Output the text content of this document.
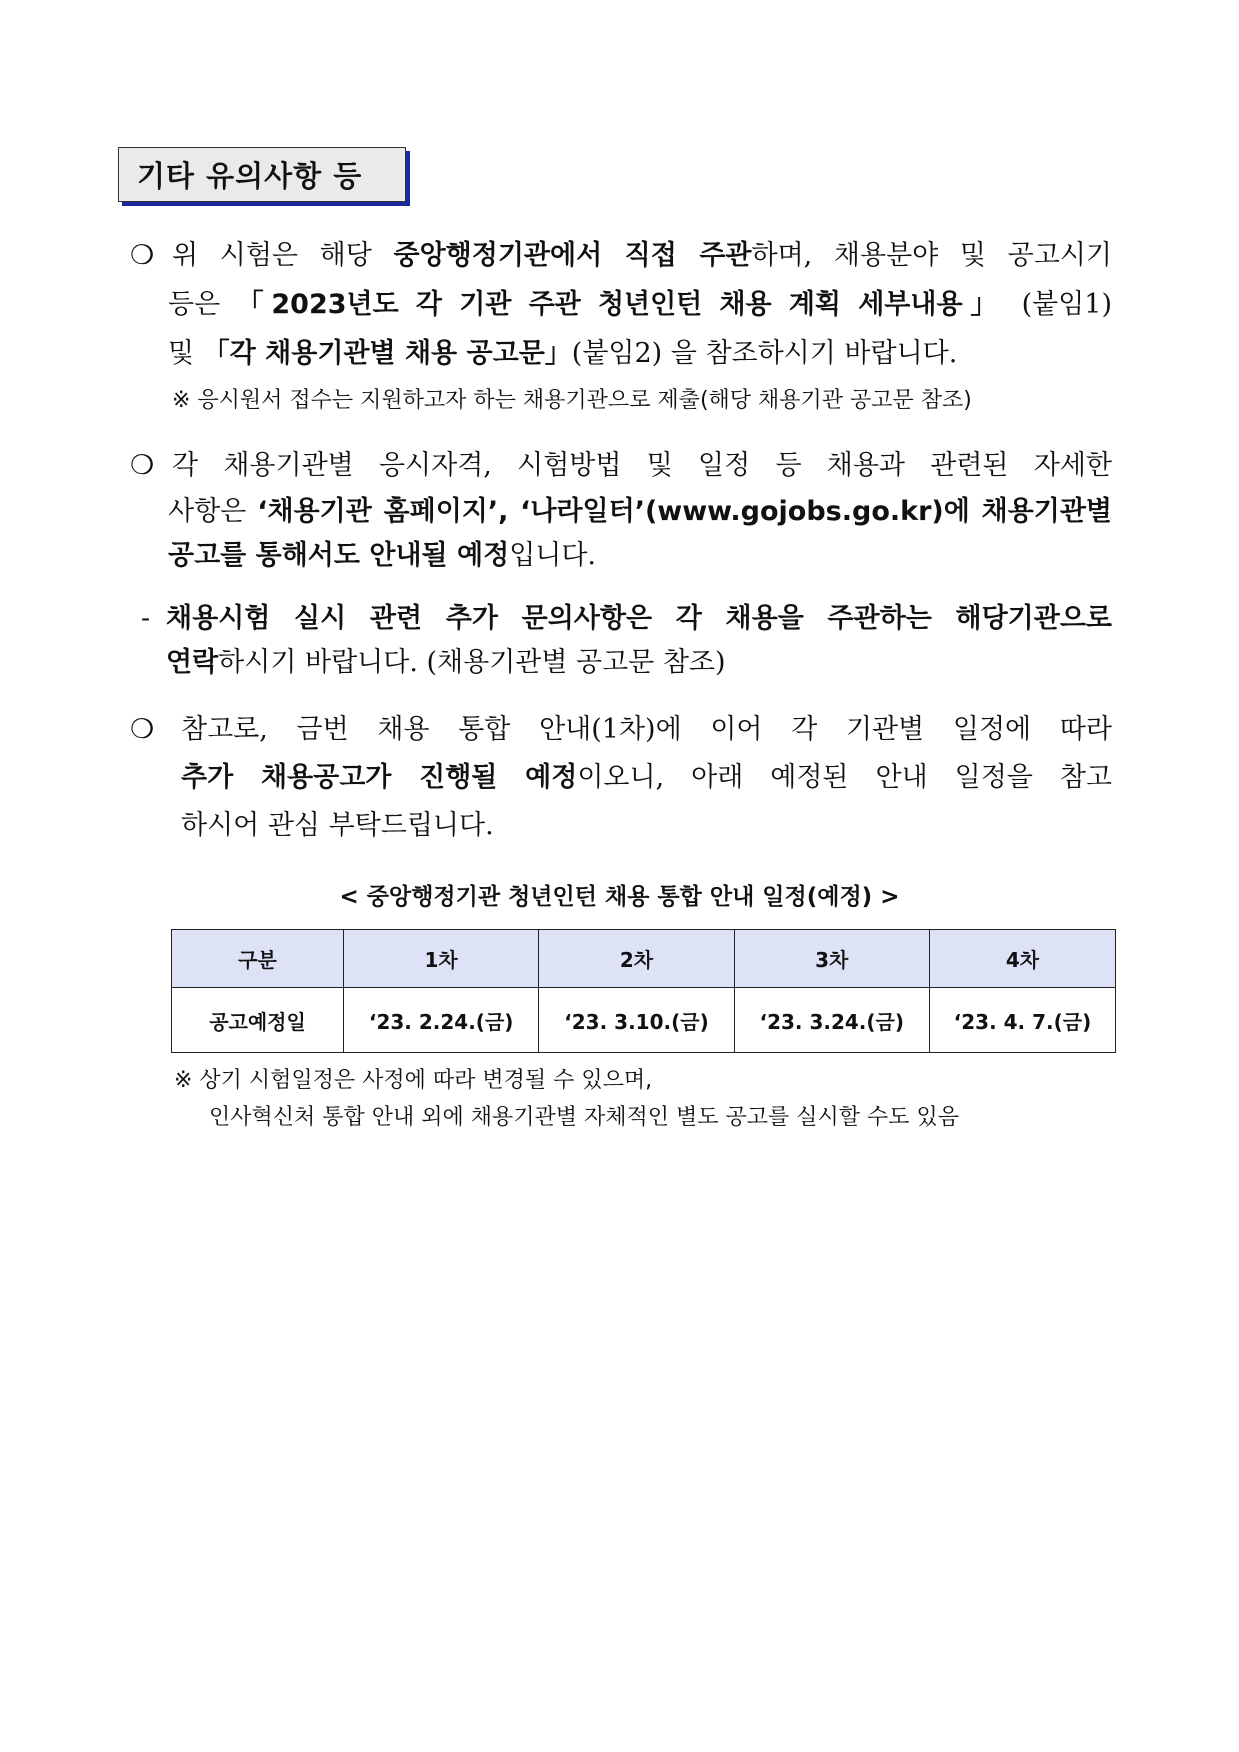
기타 유의사항 등
❍ 위 시험은 해당 중앙행정기관에서 직접 주관하며, 채용분야 및 공고시기
등은 「2023년도 각 기관 주관 청년인턴 채용 계획 세부내용」 (붙임1)
및 「각 채용기관별 채용 공고문」(붙임2) 을 참조하시기 바랍니다.
※ 응시원서 접수는 지원하고자 하는 채용기관으로 제출(해당 채용기관 공고문 참조)
❍ 각 채용기관별 응시자격, 시험방법 및 일정 등 채용과 관련된 자세한
사항은 ‘채용기관 홈페이지’, ‘나라일터’(www.gojobs.go.kr)에 채용기관별
공고를 통해서도 안내될 예정입니다.
- 채용시험 실시 관련 추가 문의사항은 각 채용을 주관하는 해당기관으로
연락하시기 바랍니다. (채용기관별 공고문 참조)
❍ 참고로, 금번 채용 통합 안내(1차)에 이어 각 기관별 일정에 따라
추가 채용공고가 진행될 예정이오니, 아래 예정된 안내 일정을 참고
하시어 관심 부탁드립니다.
< 중앙행정기관 청년인턴 채용 통합 안내 일정(예정) >
구분	1차	2차	3차	4차
공고예정일	‘23. 2.24.(금)	‘23. 3.10.(금)	‘23. 3.24.(금)	‘23. 4. 7.(금)
※ 상기 시험일정은 사정에 따라 변경될 수 있으며,
인사혁신처 통합 안내 외에 채용기관별 자체적인 별도 공고를 실시할 수도 있음
